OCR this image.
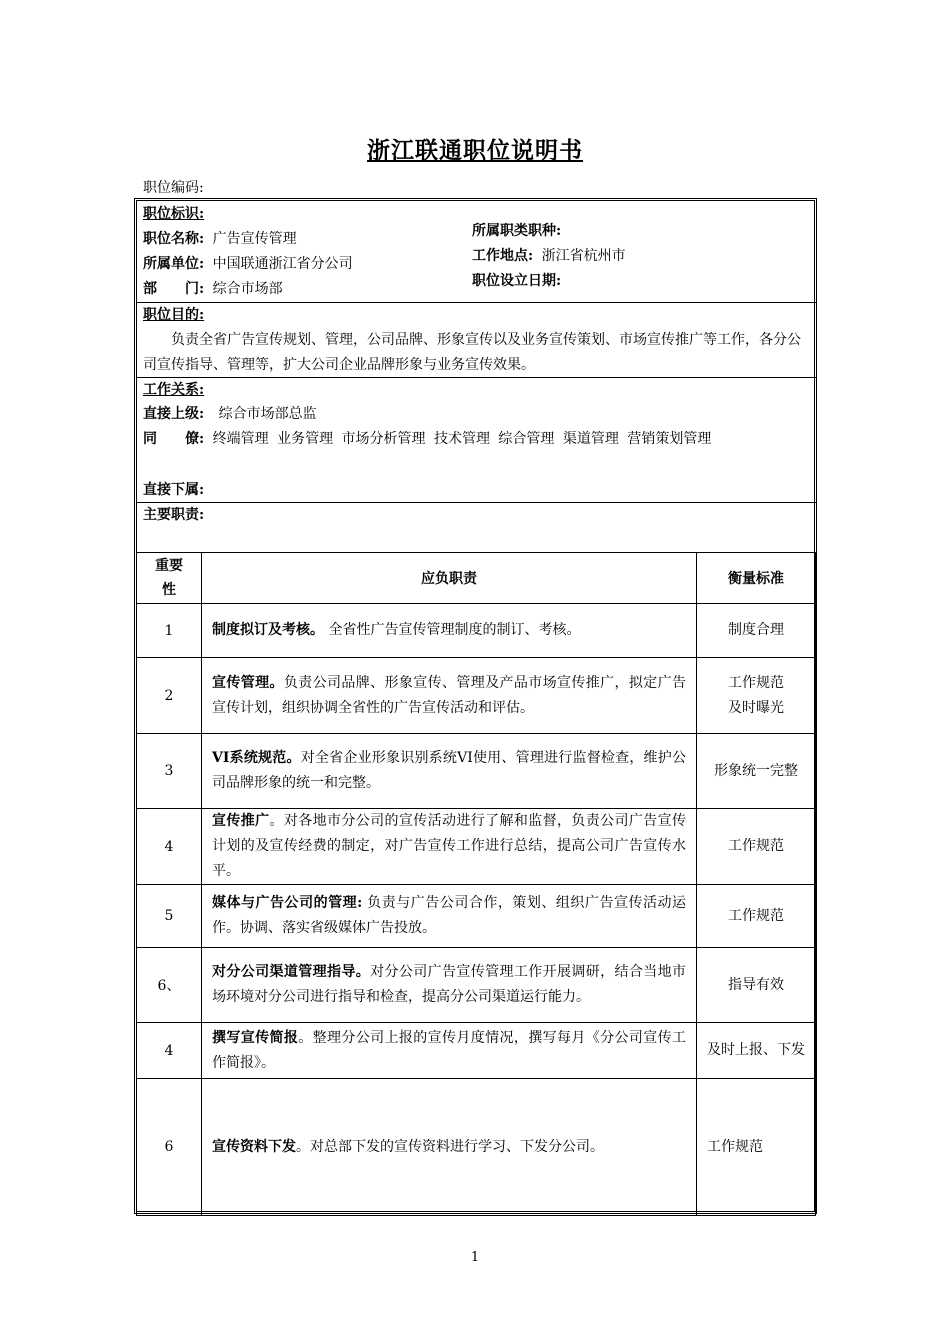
浙江联通职位说明书
职位编码:
职位标识:
职位名称: 广告宣传管理
所属单位: 中国联通浙江省分公司
部　　门: 综合市场部
所属职类职种:
工作地点: 浙江省杭州市
职位设立日期:
职位目的:
负责全省广告宣传规划、管理，公司品牌、形象宣传以及业务宣传策划、市场宣传推广等工作，各分公司宣传指导、管理等，扩大公司企业品牌形象与业务宣传效果。
工作关系:
直接上级: 综合市场部总监
同　　僚: 终端管理 业务管理 市场分析管理 技术管理 综合管理 渠道管理 营销策划管理
直接下属:
主要职责:
重要性	应负职责	衡量标准
1	制度拟订及考核。 全省性广告宣传管理制度的制订、考核。	制度合理
2	宣传管理。负责公司品牌、形象宣传、管理及产品市场宣传推广，拟定广告宣传计划，组织协调全省性的广告宣传活动和评估。	工作规范
及时曝光
3	VI系统规范。对全省企业形象识别系统VI使用、管理进行监督检查，维护公司品牌形象的统一和完整。	形象统一完整
4	宣传推广。对各地市分公司的宣传活动进行了解和监督，负责公司广告宣传计划的及宣传经费的制定，对广告宣传工作进行总结，提高公司广告宣传水平。	工作规范
5	媒体与广告公司的管理: 负责与广告公司合作，策划、组织广告宣传活动运作。协调、落实省级媒体广告投放。	工作规范
6、	对分公司渠道管理指导。对分公司广告宣传管理工作开展调研，结合当地市场环境对分公司进行指导和检查，提高分公司渠道运行能力。	指导有效
4	撰写宣传简报。整理分公司上报的宣传月度情况，撰写每月《分公司宣传工作简报》。	及时上报、下发
6	宣传资料下发。对总部下发的宣传资料进行学习、下发分公司。	工作规范
1
